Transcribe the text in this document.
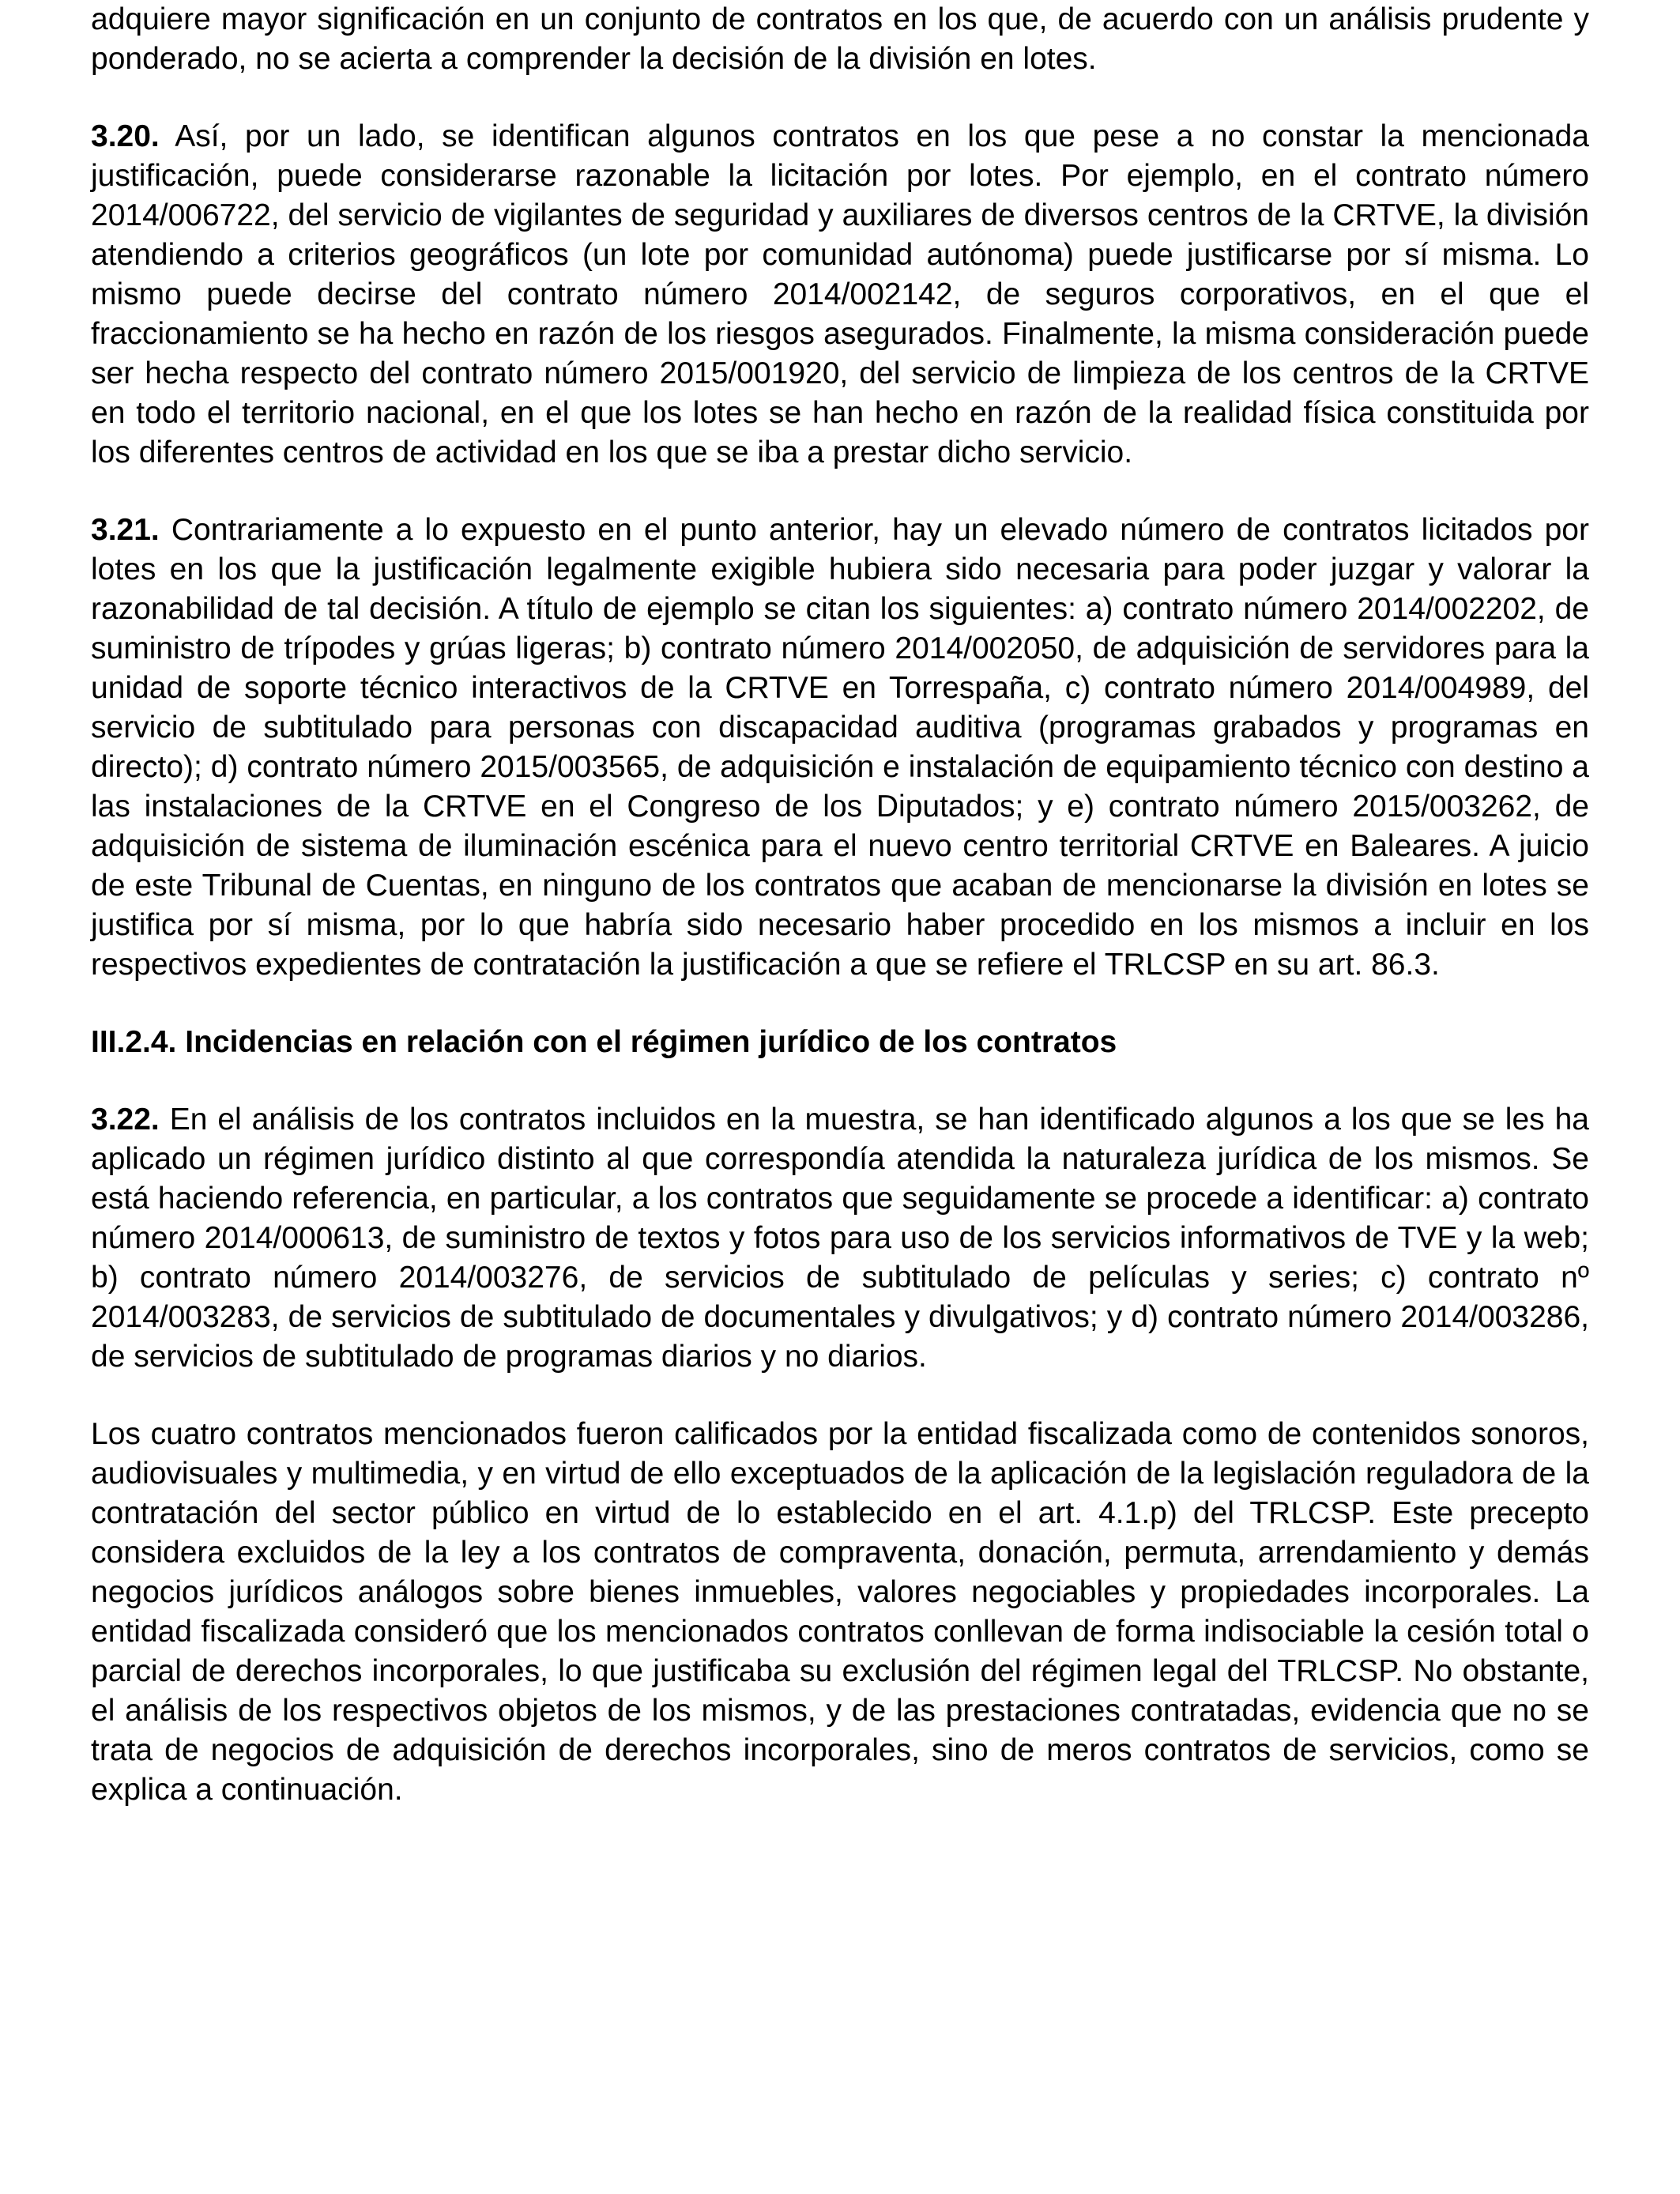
adquiere mayor significación en un conjunto de contratos en los que, de acuerdo con un análisis prudente y ponderado, no se acierta a comprender la decisión de la división en lotes.

3.20. Así, por un lado, se identifican algunos contratos en los que pese a no constar la mencionada justificación, puede considerarse razonable la licitación por lotes. Por ejemplo, en el contrato número 2014/006722, del servicio de vigilantes de seguridad y auxiliares de diversos centros de la CRTVE, la división atendiendo a criterios geográficos (un lote por comunidad autónoma) puede justificarse por sí misma. Lo mismo puede decirse del contrato número 2014/002142, de seguros corporativos, en el que el fraccionamiento se ha hecho en razón de los riesgos asegurados. Finalmente, la misma consideración puede ser hecha respecto del contrato número 2015/001920, del servicio de limpieza de los centros de la CRTVE en todo el territorio nacional, en el que los lotes se han hecho en razón de la realidad física constituida por los diferentes centros de actividad en los que se iba a prestar dicho servicio.

3.21. Contrariamente a lo expuesto en el punto anterior, hay un elevado número de contratos licitados por lotes en los que la justificación legalmente exigible hubiera sido necesaria para poder juzgar y valorar la razonabilidad de tal decisión. A título de ejemplo se citan los siguientes: a) contrato número 2014/002202, de suministro de trípodes y grúas ligeras; b) contrato número 2014/002050, de adquisición de servidores para la unidad de soporte técnico interactivos de la CRTVE en Torrespaña, c) contrato número 2014/004989, del servicio de subtitulado para personas con discapacidad auditiva (programas grabados y programas en directo); d) contrato número 2015/003565, de adquisición e instalación de equipamiento técnico con destino a las instalaciones de la CRTVE en el Congreso de los Diputados; y e) contrato número 2015/003262, de adquisición de sistema de iluminación escénica para el nuevo centro territorial CRTVE en Baleares. A juicio de este Tribunal de Cuentas, en ninguno de los contratos que acaban de mencionarse la división en lotes se justifica por sí misma, por lo que habría sido necesario haber procedido en los mismos a incluir en los respectivos expedientes de contratación la justificación a que se refiere el TRLCSP en su art. 86.3.

III.2.4. Incidencias en relación con el régimen jurídico de los contratos

3.22. En el análisis de los contratos incluidos en la muestra, se han identificado algunos a los que se les ha aplicado un régimen jurídico distinto al que correspondía atendida la naturaleza jurídica de los mismos. Se está haciendo referencia, en particular, a los contratos que seguidamente se procede a identificar: a) contrato número 2014/000613, de suministro de textos y fotos para uso de los servicios informativos de TVE y la web; b) contrato número 2014/003276, de servicios de subtitulado de películas y series; c) contrato nº 2014/003283, de servicios de subtitulado de documentales y divulgativos; y d) contrato número 2014/003286, de servicios de subtitulado de programas diarios y no diarios.

Los cuatro contratos mencionados fueron calificados por la entidad fiscalizada como de contenidos sonoros, audiovisuales y multimedia, y en virtud de ello exceptuados de la aplicación de la legislación reguladora de la contratación del sector público en virtud de lo establecido en el art. 4.1.p) del TRLCSP. Este precepto considera excluidos de la ley a los contratos de compraventa, donación, permuta, arrendamiento y demás negocios jurídicos análogos sobre bienes inmuebles, valores negociables y propiedades incorporales. La entidad fiscalizada consideró que los mencionados contratos conllevan de forma indisociable la cesión total o parcial de derechos incorporales, lo que justificaba su exclusión del régimen legal del TRLCSP. No obstante, el análisis de los respectivos objetos de los mismos, y de las prestaciones contratadas, evidencia que no se trata de negocios de adquisición de derechos incorporales, sino de meros contratos de servicios, como se explica a continuación.
